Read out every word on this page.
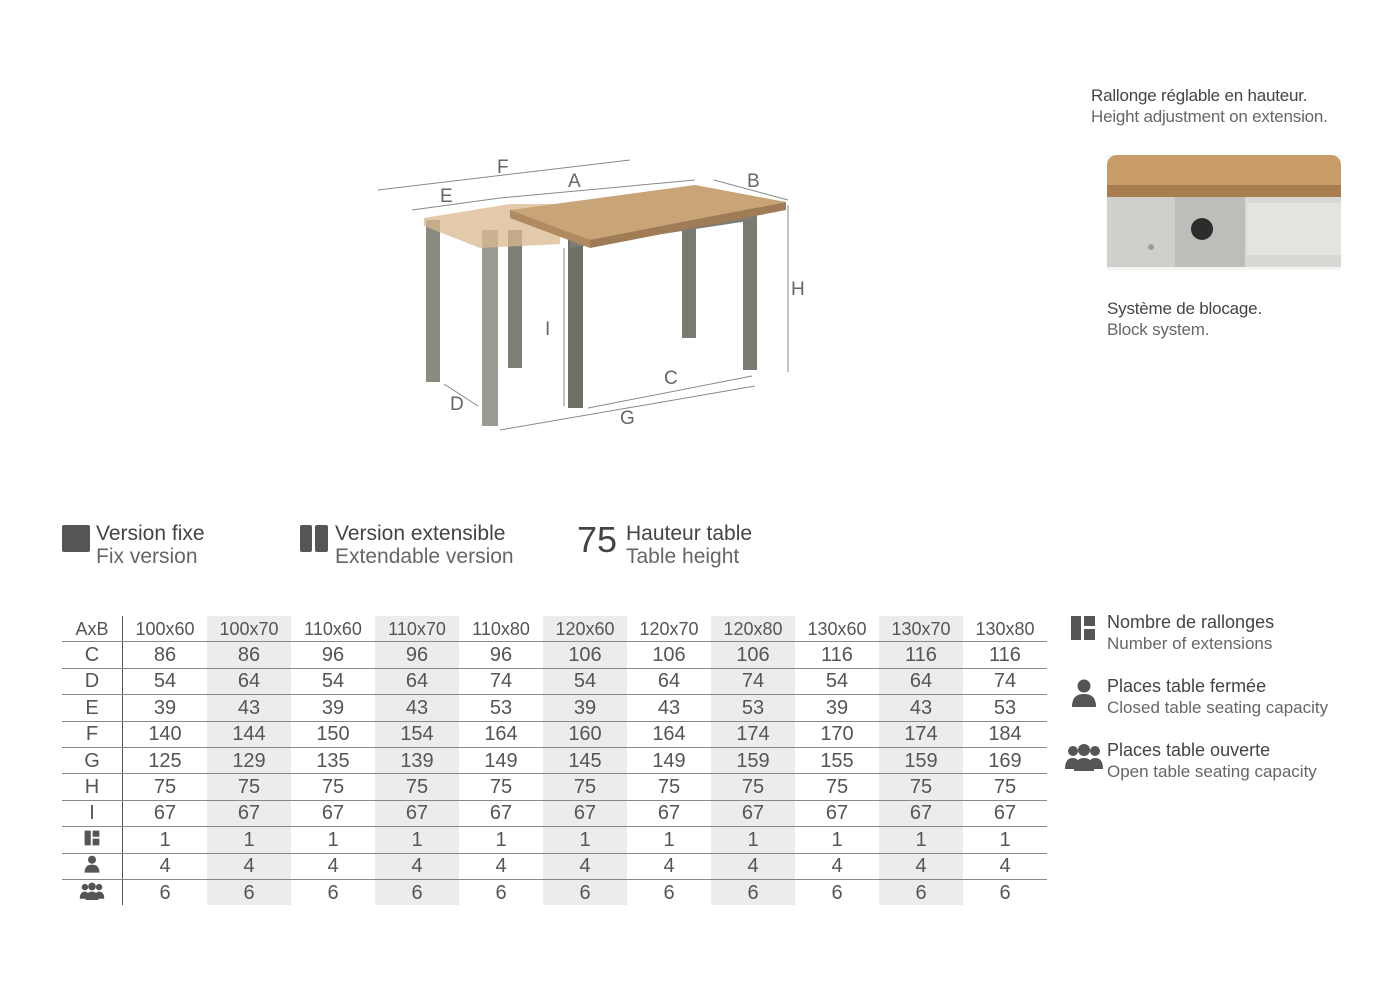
F
E
A	B
H
I
C
D
G
Rallonge réglable en hauteur.
Height adjustment on extension.
Système de blocage.
Block system.
Version fixe
Fix version
Version extensible
Extendable version 75 Hauteur table
Table height
AxB	100x60	100x70	110x60	110x70	110x80	120x60	120x70	120x80	130x60	130x70	130x80
C	86	86	96	96	96	106	106	106	116	116	116
D	54	64	54	64	74	54	64	74	54	64	74
E	39	43	39	43	53	39	43	53	39	43	53
F	140	144	150	154	164	160	164	174	170	174	184
G	125	129	135	139	149	145	149	159	155	159	169
H	75	75	75	75	75	75	75	75	75	75	75
I	67	67	67	67	67	67	67	67	67	67	67
	1	1	1	1	1	1	1	1	1	1	1
	4	4	4	4	4	4	4	4	4	4	4
	6	6	6	6	6	6	6	6	6	6	6
Nombre de rallonges
Number of extensions
Places table fermée
Closed table seating capacity
Places table ouverte
Open table seating capacity
